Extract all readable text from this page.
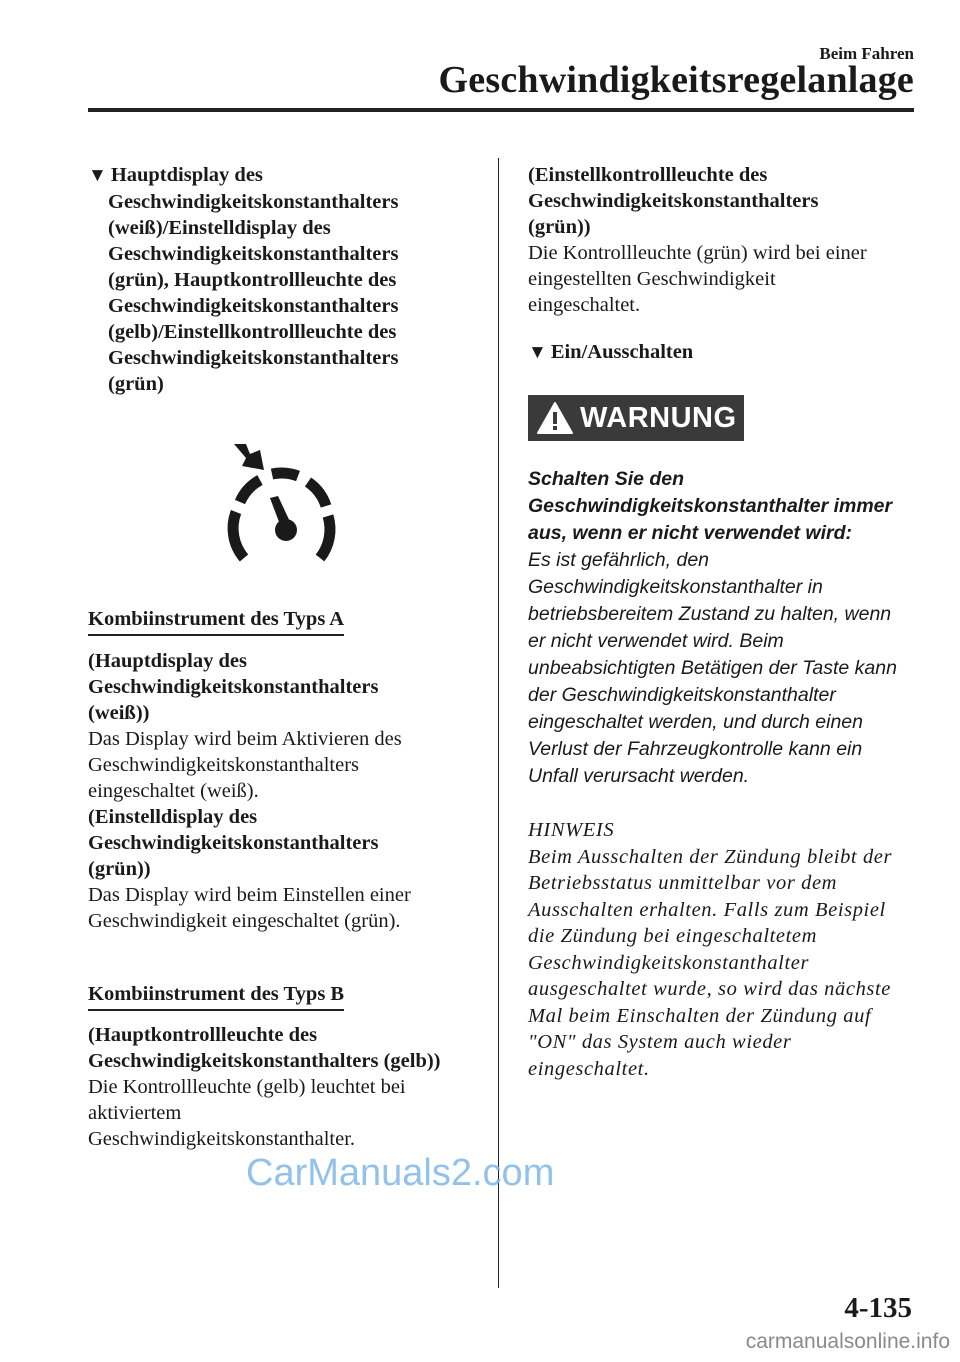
Beim Fahren
Geschwindigkeitsregelanlage

▼ Hauptdisplay des

Geschwindigkeitskonstanthalters

(weiß)/Einstelldisplay des

Geschwindigkeitskonstanthalters

(grün), Hauptkontrollleuchte des

Geschwindigkeitskonstanthalters

(gelb)/Einstellkontrollleuchte des

Geschwindigkeitskonstanthalters

(grün)

Kombiinstrument des Typs A

(Hauptdisplay des

Geschwindigkeitskonstanthalters

(weiß))

Das Display wird beim Aktivieren des

Geschwindigkeitskonstanthalters

eingeschaltet (weiß).

(Einstelldisplay des

Geschwindigkeitskonstanthalters

(grün))

Das Display wird beim Einstellen einer

Geschwindigkeit eingeschaltet (grün).

Kombiinstrument des Typs B

(Hauptkontrollleuchte des

Geschwindigkeitskonstanthalters (gelb))

Die Kontrollleuchte (gelb) leuchtet bei

aktiviertem

Geschwindigkeitskonstanthalter.

(Einstellkontrollleuchte des

Geschwindigkeitskonstanthalters

(grün))

Die Kontrollleuchte (grün) wird bei einer

eingestellten Geschwindigkeit

eingeschaltet.

▼ Ein/Ausschalten
WARNUNG

Schalten Sie den

Geschwindigkeitskonstanthalter immer

aus, wenn er nicht verwendet wird:

Es ist gefährlich, den

Geschwindigkeitskonstanthalter in

betriebsbereitem Zustand zu halten, wenn

er nicht verwendet wird. Beim

unbeabsichtigten Betätigen der Taste kann

der Geschwindigkeitskonstanthalter

eingeschaltet werden, und durch einen

Verlust der Fahrzeugkontrolle kann ein

Unfall verursacht werden.

HINWEIS

Beim Ausschalten der Zündung bleibt der

Betriebsstatus unmittelbar vor dem

Ausschalten erhalten. Falls zum Beispiel

die Zündung bei eingeschaltetem

Geschwindigkeitskonstanthalter

ausgeschaltet wurde, so wird das nächste

Mal beim Einschalten der Zündung auf

"ON" das System auch wieder

eingeschaltet.

CarManuals2.com
4-135
carmanualsonline.info
